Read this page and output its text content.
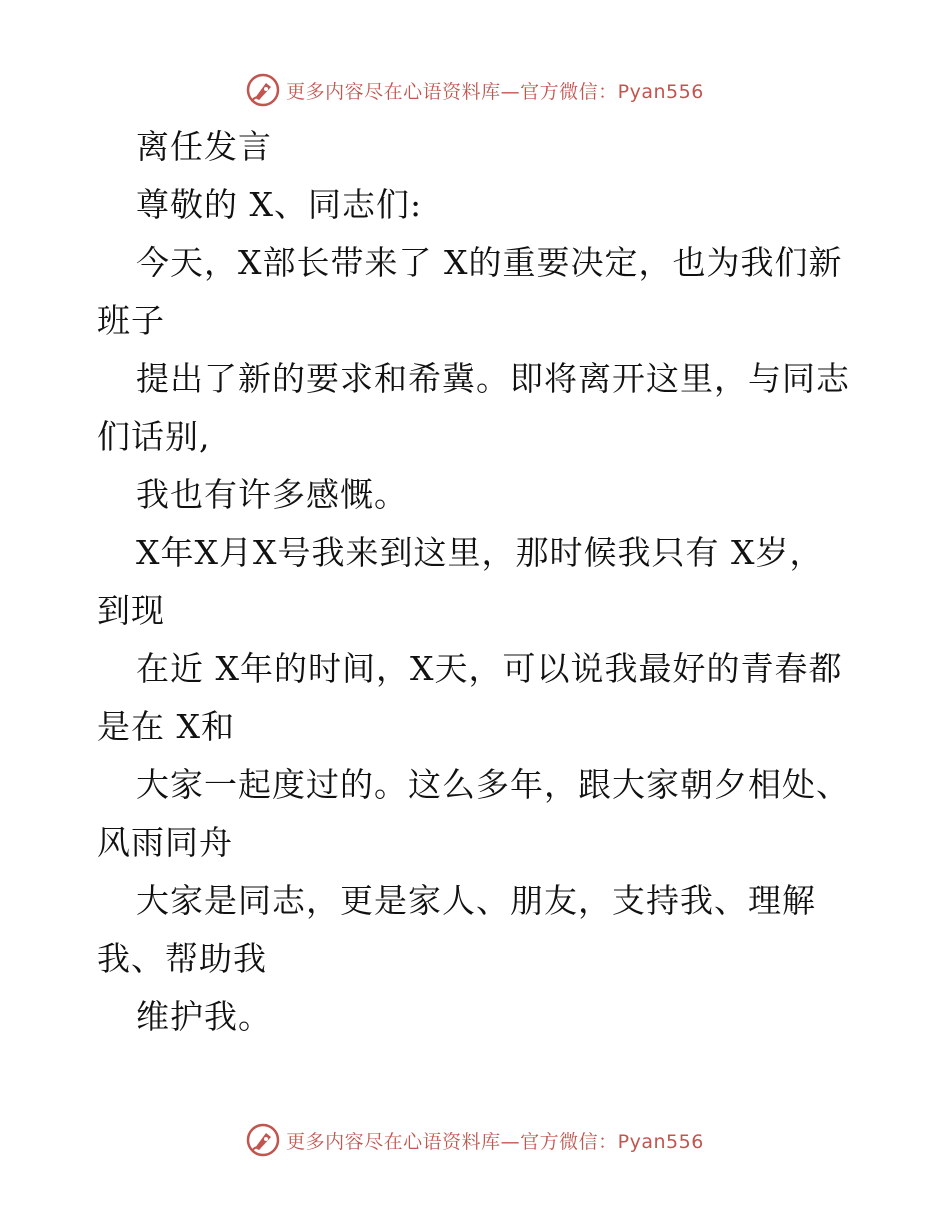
更多内容尽在心语资料库—官方微信：Pyan556
离任发言
尊敬的 X、同志们:
今天，X部长带来了 X的重要决定，也为我们新
班子
提出了新的要求和希冀。即将离开这里，与同志
们话别,
我也有许多感慨。
X年X月X号我来到这里，那时候我只有 X岁，
到现
在近 X年的时间，X天，可以说我最好的青春都
是在 X和
大家一起度过的。这么多年，跟大家朝夕相处、
风雨同舟
大家是同志，更是家人、朋友，支持我、理解
我、帮助我
维护我。
更多内容尽在心语资料库—官方微信：Pyan556
